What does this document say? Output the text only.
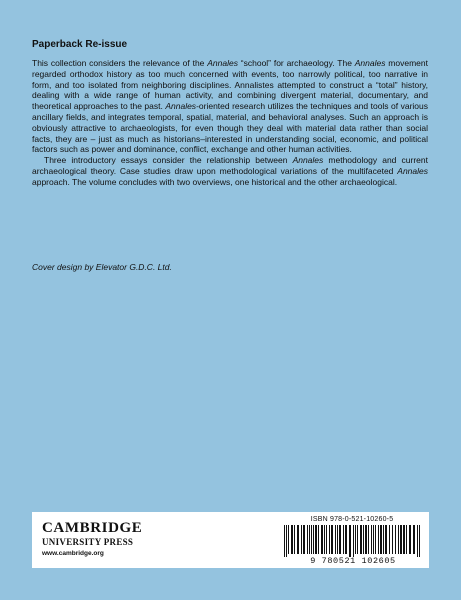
Paperback Re-issue

This collection considers the relevance of the Annales “school” for archaeology. The Annales movement regarded orthodox history as too much concerned with events, too narrowly political, too narrative in form, and too isolated from neighboring disciplines. Annalistes attempted to construct a “total” history, dealing with a wide range of human activity, and combining divergent material, documentary, and theoretical approaches to the past. Annales-oriented research utilizes the techniques and tools of various ancillary fields, and integrates temporal, spatial, material, and behavioral analyses. Such an approach is obviously attractive to archaeologists, for even though they deal with material data rather than social facts, they are – just as much as historians–interested in understanding social, economic, and political factors such as power and dominance, conflict, exchange and other human activities.

Three introductory essays consider the relationship between Annales methodology and current archaeological theory. Case studies draw upon methodological variations of the multifaceted Annales approach. The volume concludes with two overviews, one historical and the other archaeological.

Cover design by Elevator G.D.C. Ltd.

CAMBRIDGE
UNIVERSITY PRESS
www.cambridge.org
ISBN 978-0-521-10260-5
9 780521 102605
